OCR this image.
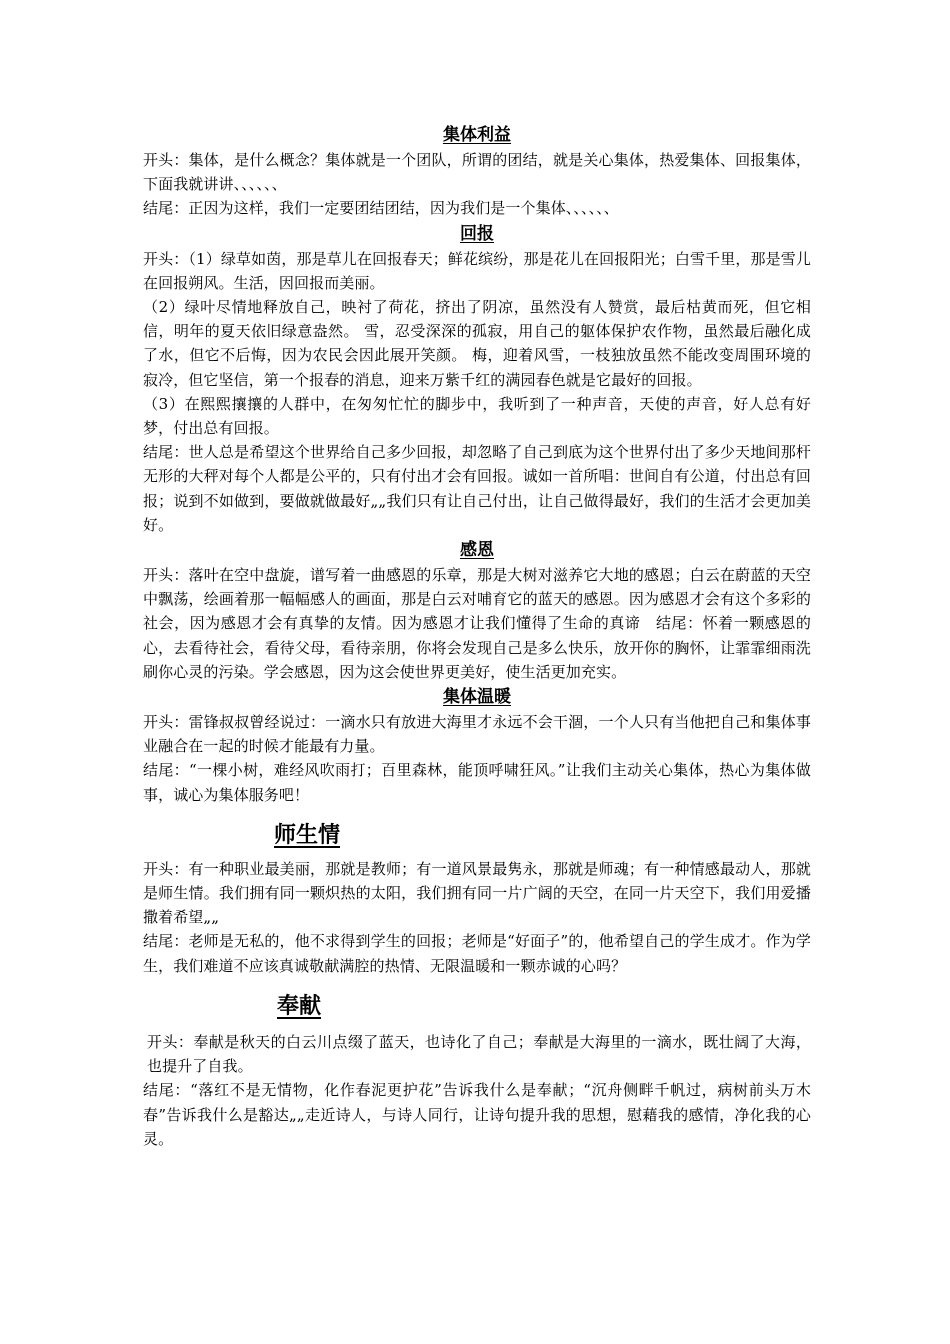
集体利益

开头：集体，是什么概念？集体就是一个团队，所谓的团结，就是关心集体，热爱集体、回报集体，下面我就讲讲、、、、、、

结尾：正因为这样，我们一定要团结团结，因为我们是一个集体、、、、、、

回报

开头：（1）绿草如茵，那是草儿在回报春天；鲜花缤纷，那是花儿在回报阳光；白雪千里，那是雪儿在回报朔风。生活，因回报而美丽。

（2）绿叶尽情地释放自己，映衬了荷花，挤出了阴凉，虽然没有人赞赏，最后枯黄而死，但它相信，明年的夏天依旧绿意盎然。 雪，忍受深深的孤寂，用自己的躯体保护农作物，虽然最后融化成了水，但它不后悔，因为农民会因此展开笑颜。 梅，迎着风雪，一枝独放虽然不能改变周围环境的寂冷，但它坚信，第一个报春的消息，迎来万紫千红的满园春色就是它最好的回报。

（3）在熙熙攘攘的人群中，在匆匆忙忙的脚步中，我听到了一种声音，天使的声音，好人总有好梦，付出总有回报。

结尾：世人总是希望这个世界给自己多少回报，却忽略了自己到底为这个世界付出了多少天地间那杆无形的大秤对每个人都是公平的，只有付出才会有回报。诚如一首所唱：世间自有公道，付出总有回报；说到不如做到，要做就做最好„„我们只有让自己付出，让自己做得最好，我们的生活才会更加美好。

感恩

开头：落叶在空中盘旋，谱写着一曲感恩的乐章，那是大树对滋养它大地的感恩；白云在蔚蓝的天空中飘荡，绘画着那一幅幅感人的画面，那是白云对哺育它的蓝天的感恩。因为感恩才会有这个多彩的社会，因为感恩才会有真挚的友情。因为感恩才让我们懂得了生命的真谛　结尾：怀着一颗感恩的心，去看待社会，看待父母，看待亲朋，你将会发现自己是多么快乐，放开你的胸怀，让霏霏细雨洗刷你心灵的污染。学会感恩，因为这会使世界更美好，使生活更加充实。

集体温暖

开头：雷锋叔叔曾经说过：一滴水只有放进大海里才永远不会干涸，一个人只有当他把自己和集体事业融合在一起的时候才能最有力量。

结尾：“一棵小树，难经风吹雨打；百里森林，能顶呼啸狂风。”让我们主动关心集体，热心为集体做事，诚心为集体服务吧！

师生情

开头：有一种职业最美丽，那就是教师；有一道风景最隽永，那就是师魂；有一种情感最动人，那就是师生情。我们拥有同一颗炽热的太阳，我们拥有同一片广阔的天空，在同一片天空下，我们用爱播撒着希望„„

结尾：老师是无私的，他不求得到学生的回报；老师是“好面子”的，他希望自己的学生成才。作为学生，我们难道不应该真诚敬献满腔的热情、无限温暖和一颗赤诚的心吗？

奉献

开头：奉献是秋天的白云川点缀了蓝天，也诗化了自己；奉献是大海里的一滴水，既壮阔了大海，也提升了自我。

结尾：“落红不是无情物，化作春泥更护花”告诉我什么是奉献；“沉舟侧畔千帆过，病树前头万木春”告诉我什么是豁达„„走近诗人，与诗人同行，让诗句提升我的思想，慰藉我的感情，净化我的心灵。
